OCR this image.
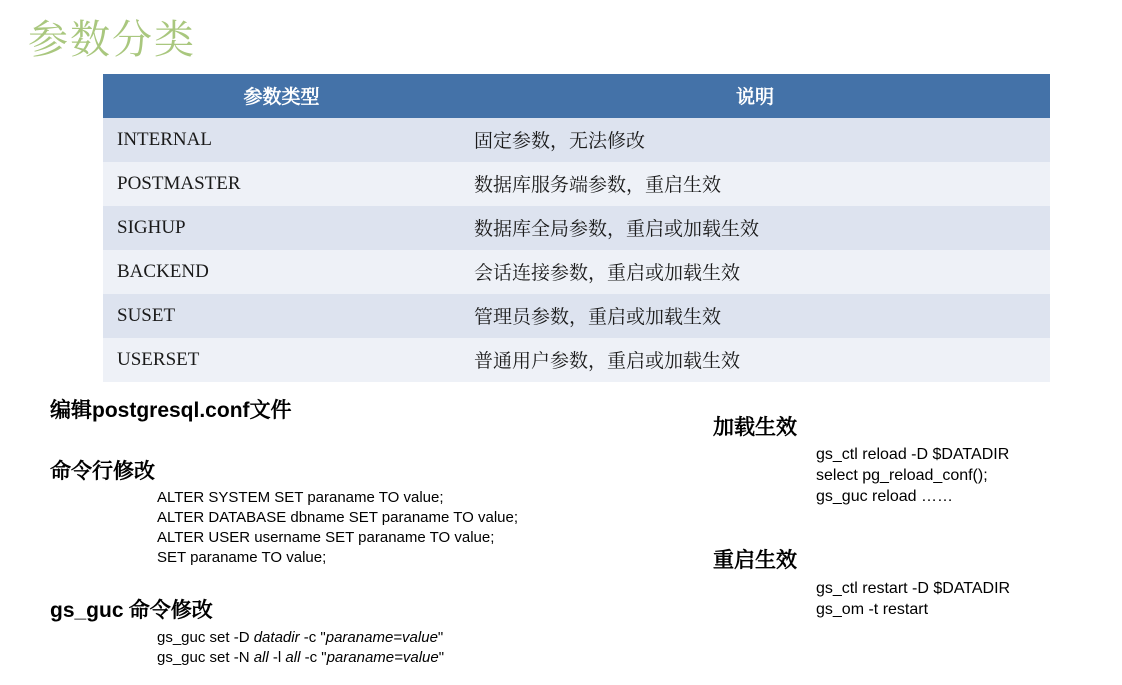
参数分类
参数类型	说明
INTERNAL	固定参数，无法修改
POSTMASTER	数据库服务端参数，重启生效
SIGHUP	数据库全局参数，重启或加载生效
BACKEND	会话连接参数，重启或加载生效
SUSET	管理员参数，重启或加载生效
USERSET	普通用户参数，重启或加载生效
编辑postgresql.conf文件
命令行修改
ALTER SYSTEM SET paraname TO value;
ALTER DATABASE dbname SET paraname TO value;
ALTER USER username SET paraname TO value;
SET paraname TO value;
gs_guc 命令修改
gs_guc set -D datadir -c "paraname=value"
gs_guc set -N all -l all -c "paraname=value"
加载生效
gs_ctl reload -D $DATADIR
select pg_reload_conf();
gs_guc reload ……
重启生效
gs_ctl restart -D $DATADIR
gs_om -t restart
